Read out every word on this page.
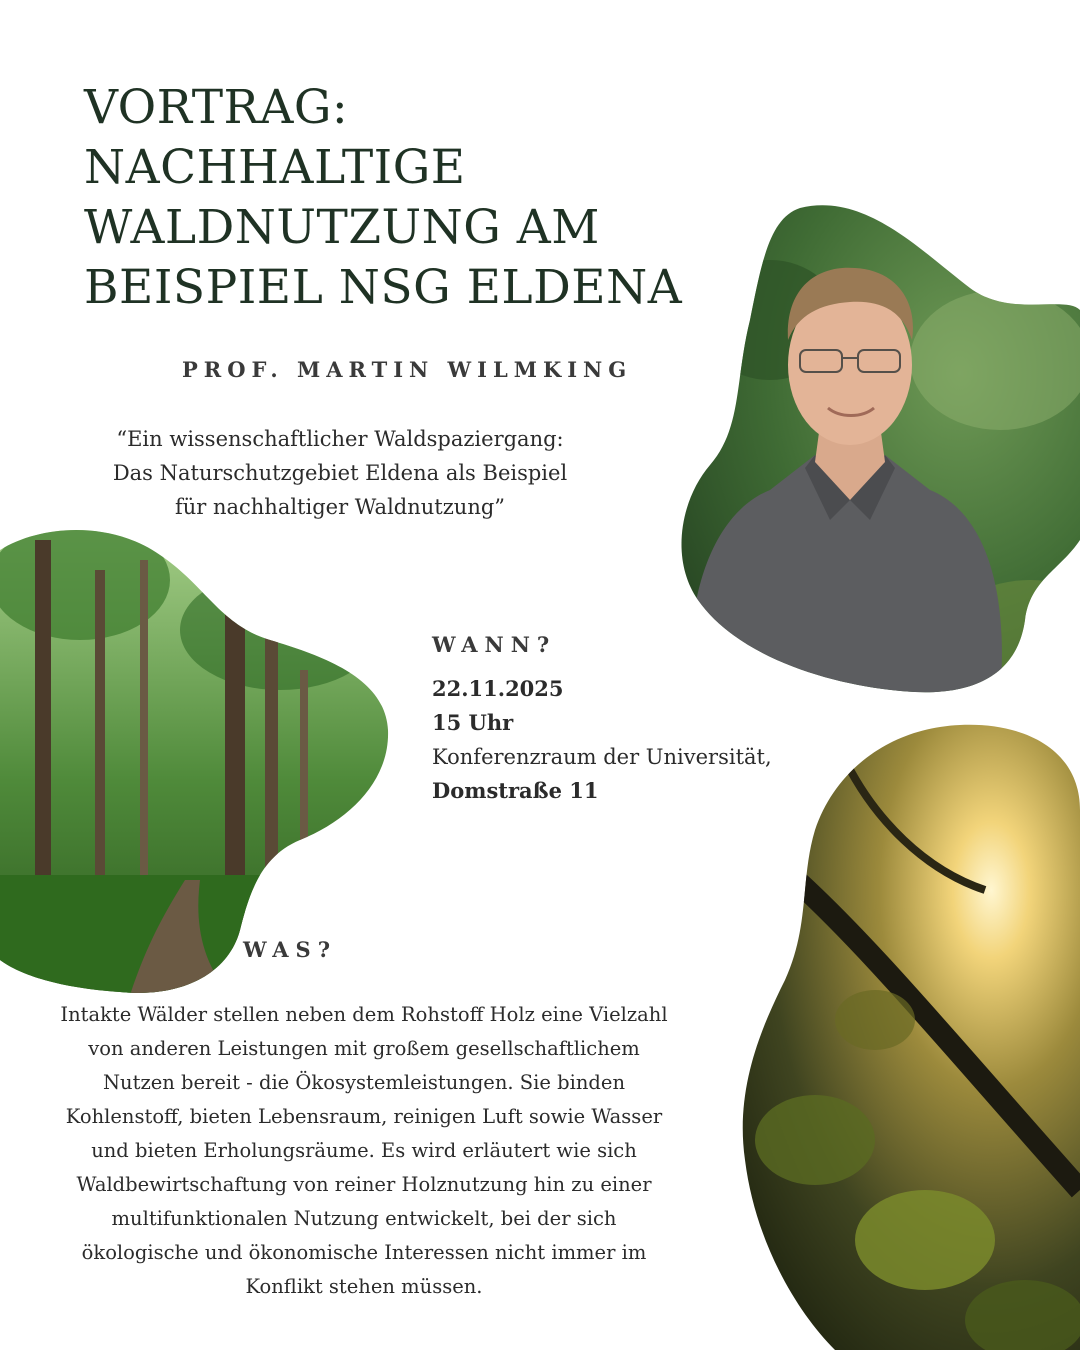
VORTRAG:
NACHHALTIGE
WALDNUTZUNG AM
BEISPIEL NSG ELDENA
PROF. MARTIN WILMKING
“Ein wissenschaftlicher Waldspaziergang:
Das Naturschutzgebiet Eldena als Beispiel
für nachhaltiger Waldnutzung”
WANN?
22.11.2025
15 Uhr
Konferenzraum der Universität,
Domstraße 11
WAS?
Intakte Wälder stellen neben dem Rohstoff Holz eine Vielzahl
von anderen Leistungen mit großem gesellschaftlichem
Nutzen bereit - die Ökosystemleistungen. Sie binden
Kohlenstoff, bieten Lebensraum, reinigen Luft sowie Wasser
und bieten Erholungsräume. Es wird erläutert wie sich
Waldbewirtschaftung von reiner Holznutzung hin zu einer
multifunktionalen Nutzung entwickelt, bei der sich
ökologische und ökonomische Interessen nicht immer im
Konflikt stehen müssen.
